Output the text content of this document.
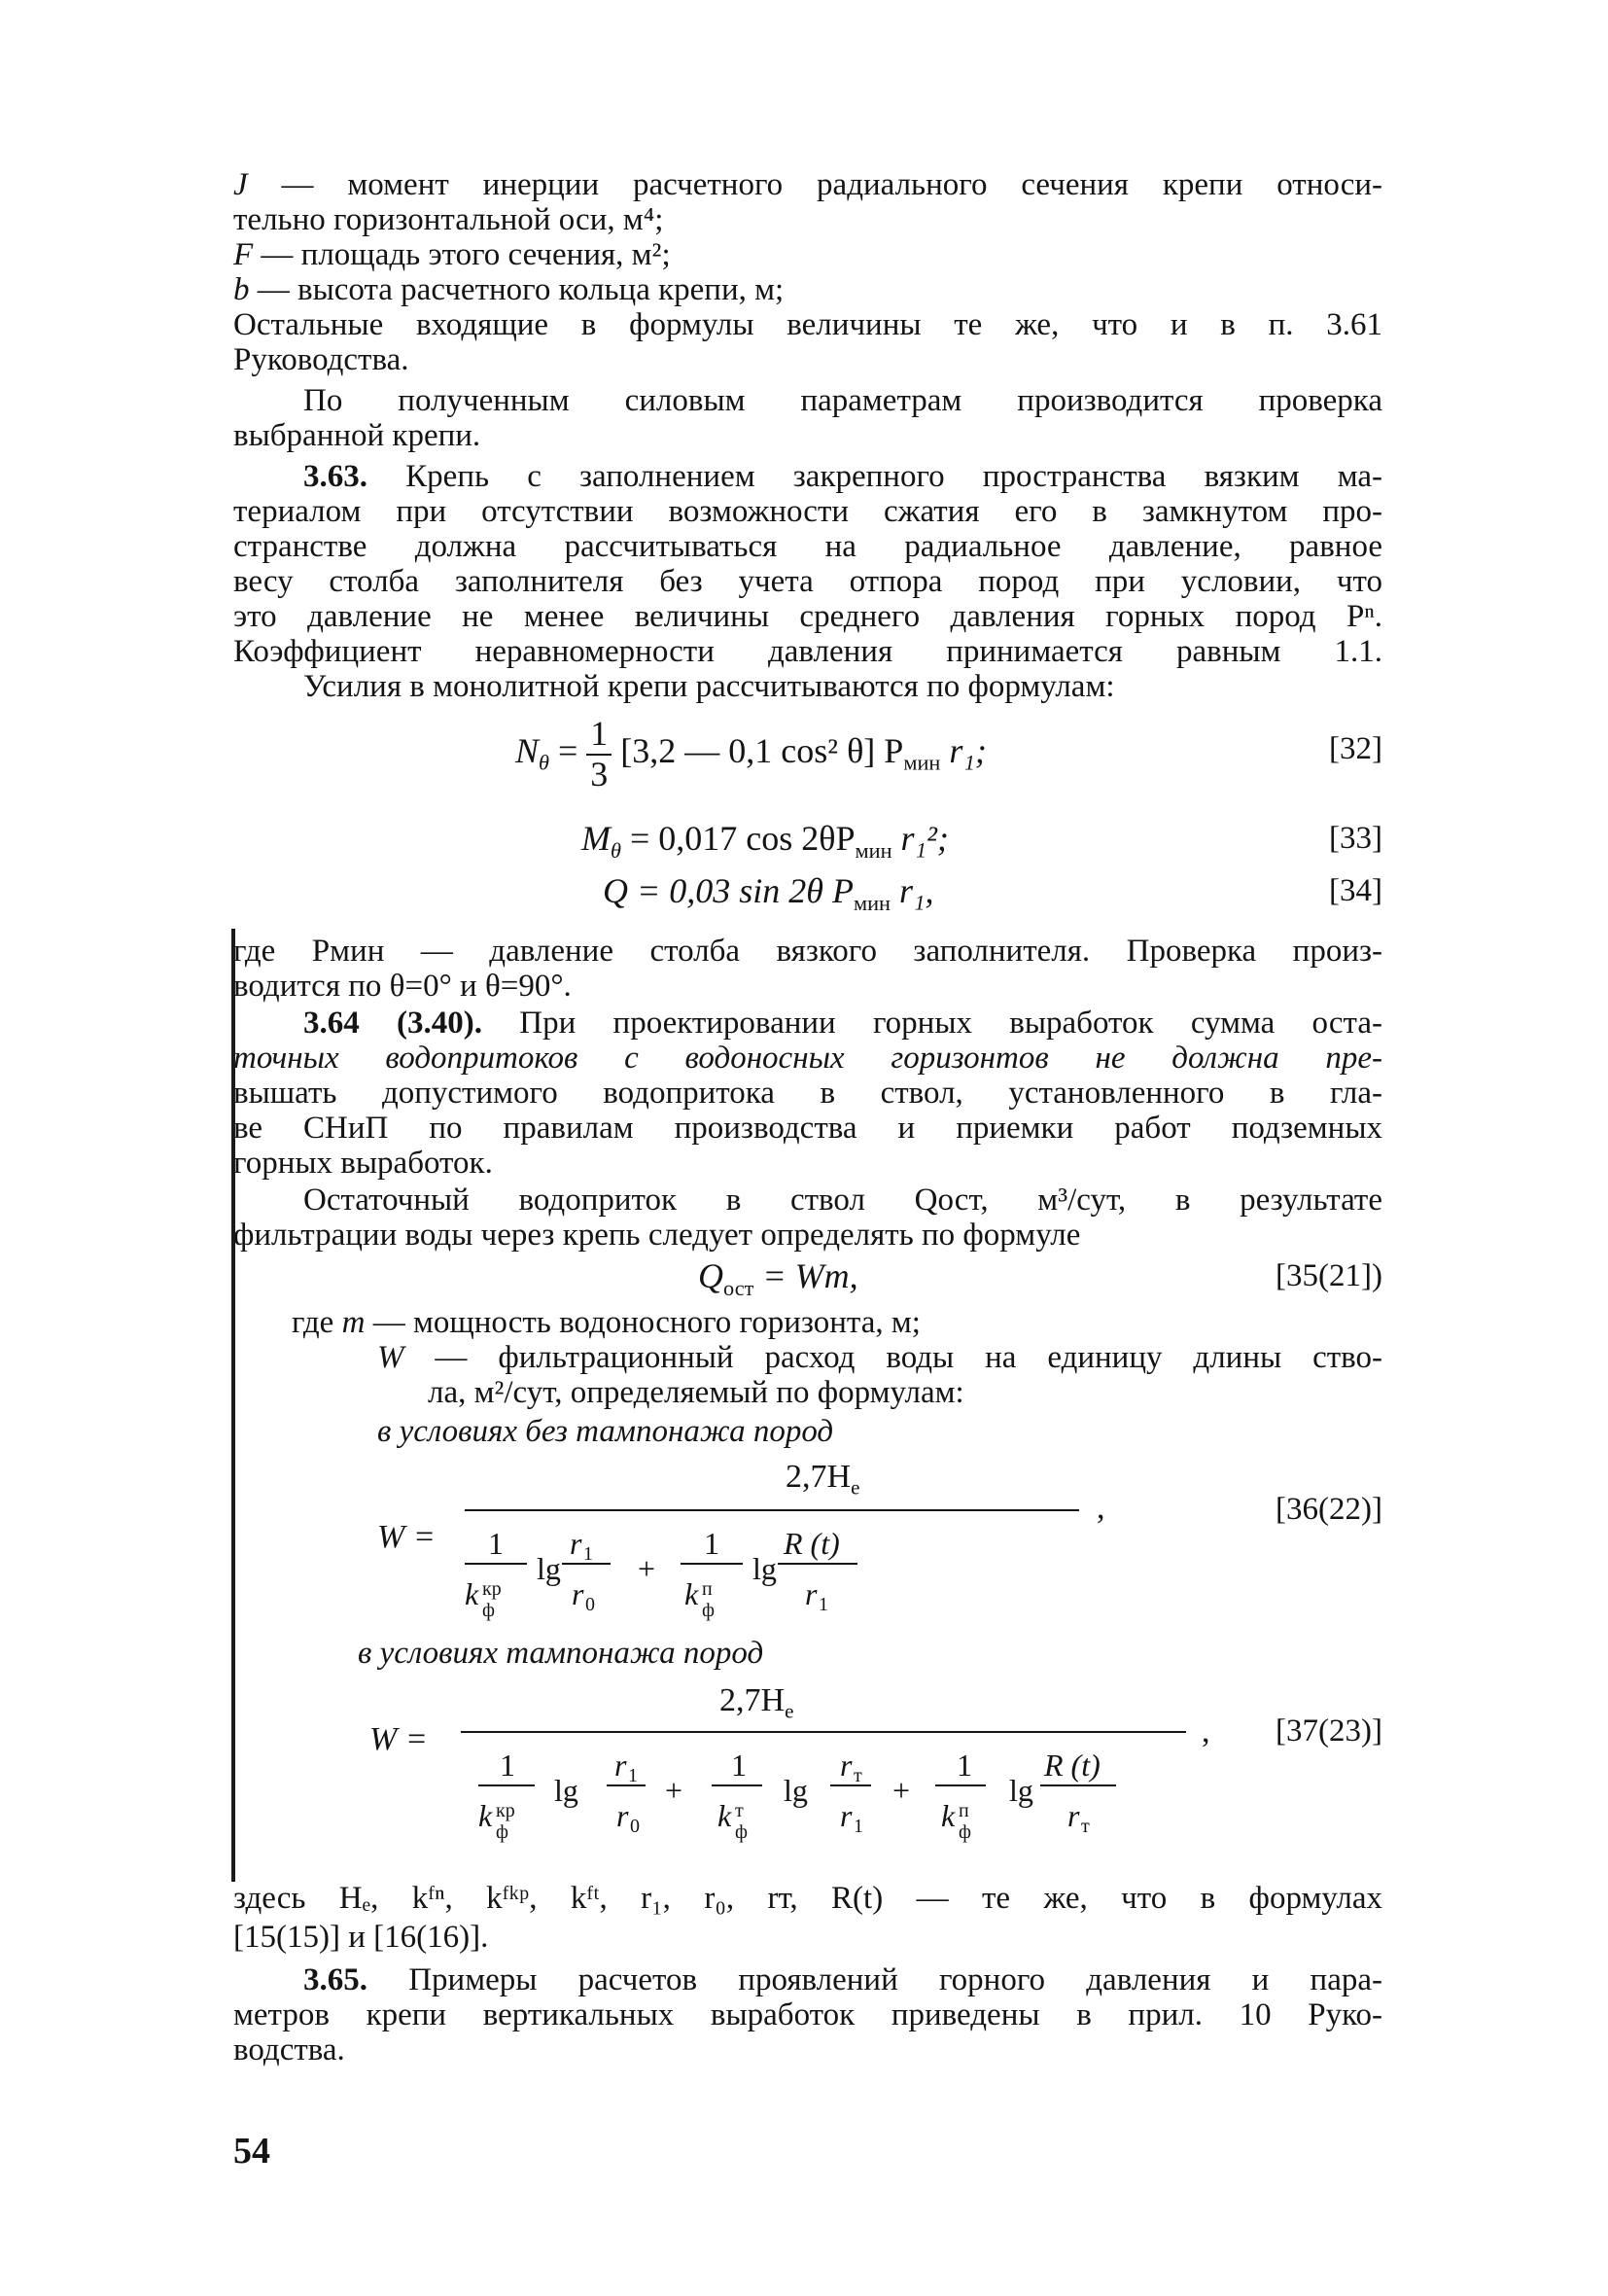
J — момент инерции расчетного радиального сечения крепи относи-
тельно горизонтальной оси, м⁴;
F — площадь этого сечения, м²;
b — высота расчетного кольца крепи, м;
Остальные входящие в формулы величины те же, что и в п. 3.61
Руководства.
По полученным силовым параметрам производится проверка
выбранной крепи.
3.63. Крепь с заполнением закрепного пространства вязким ма-
териалом при отсутствии возможности сжатия его в замкнутом про-
странстве должна рассчитываться на радиальное давление, равное
весу столба заполнителя без учета отпора пород при условии, что
это давление не менее величины среднего давления горных пород Pⁿ.
Коэффициент неравномерности давления принимается равным 1.1.
Усилия в монолитной крепи рассчитываются по формулам:
$N_\theta = \frac{1}{3} [3,2$ — 0,1 cos² θ] $P_{мин}$ r₁;	[32]
$M_\theta = 0,017$ $\cos 2\theta P_{мин}$ r₁²;	[33]
Q = 0,03 sin 2θ $P_{мин}$ r₁,	[34]
где Pмин — давление столба вязкого заполнителя. Проверка произ-
водится по θ=0° и θ=90°.
3.64 (3.40). При проектировании горных выработок сумма оста-
точных водопритоков с водоносных горизонтов не должна пре-
вышать допустимого водопритока в ствол, установленного в гла-
ве СНиП по правилам производства и приемки работ подземных
горных выработок.
Остаточный водоприток в ствол Qост, м³/сут, в результате
фильтрации воды через крепь следует определять по формуле
$Q_{ост} = Wm$,	[35(21])
где m — мощность водоносного горизонта, м;
W — фильтрационный расход воды на единицу длины ство-
ла, м²/сут, определяемый по формулам:
в условиях без тампонажа пород
W =
$2,7H_e$
,
1
k кр
ф
lg
r 1
r 0
+
1
k п
ф
lg
R (t)
r 1
[36(22)]
в условиях тампонажа пород
W =
$2,7H_e$
,
1
k кр
ф
lg
r 1
r 0
+
1
k т
ф
lg
r т
r 1
+
1
k п
ф
lg
R (t)
r т
[37(23)]
здесь Hₑ, kᶠⁿ, kᶠᵏᵖ, kᶠᵗ, r₁, r₀, rт, R(t) — те же, что в формулах
[15(15)] и [16(16)].
3.65. Примеры расчетов проявлений горного давления и пара-
метров крепи вертикальных выработок приведены в прил. 10 Руко-
водства.
54
